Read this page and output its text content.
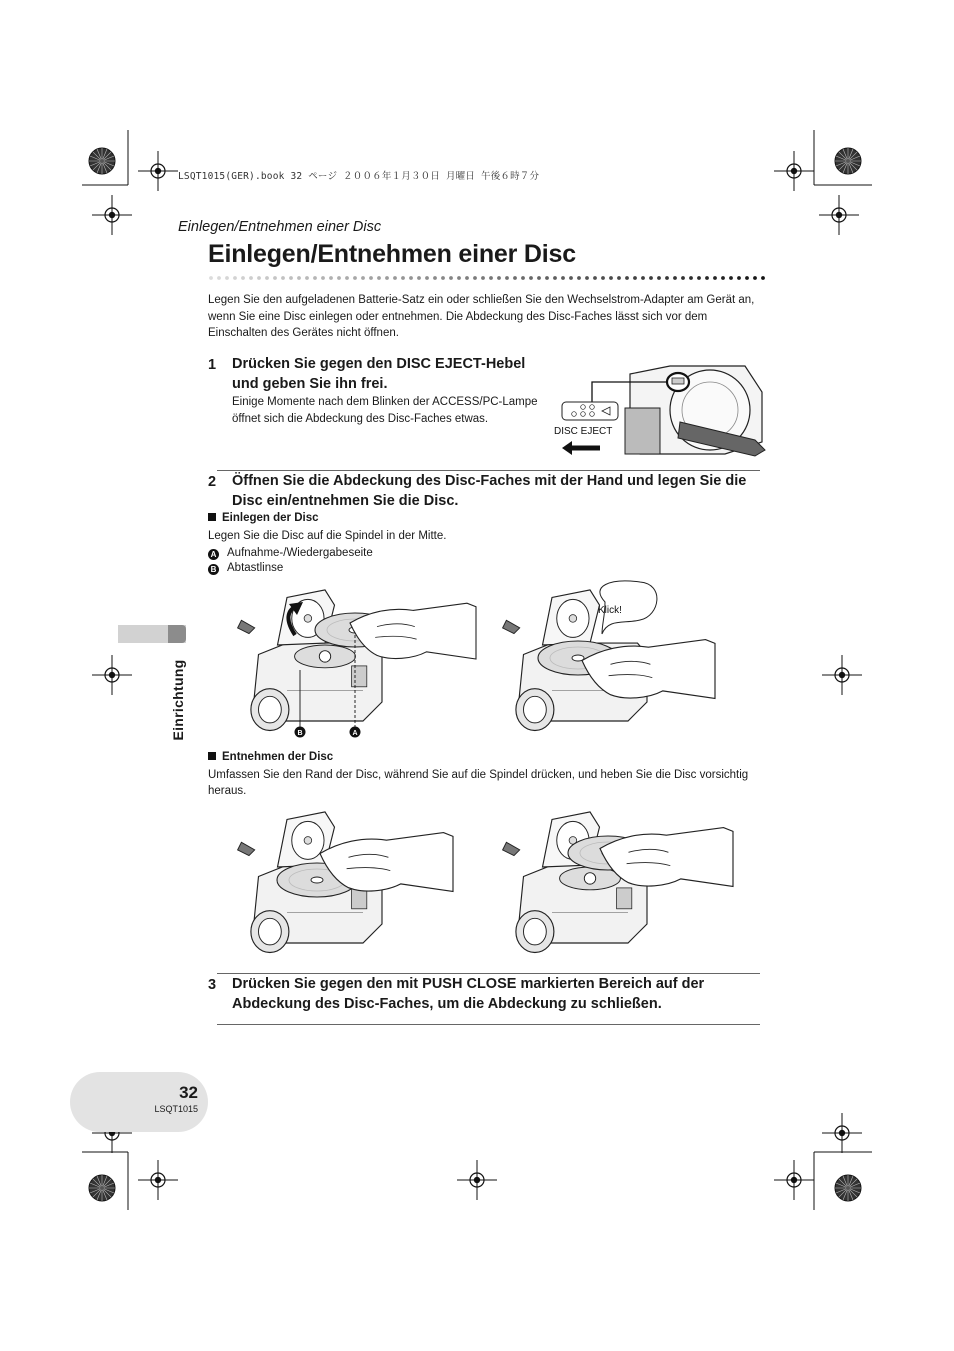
LSQT1015(GER).book 32 ページ ２００６年１月３０日 月曜日 午後６時７分
Einlegen/Entnehmen einer Disc
Einlegen/Entnehmen einer Disc
Legen Sie den aufgeladenen Batterie-Satz ein oder schließen Sie den Wechselstrom-Adapter am Gerät an, wenn Sie eine Disc einlegen oder entnehmen. Die Abdeckung des Disc-Faches lässt sich vor dem Einschalten des Gerätes nicht öffnen.
1 Drücken Sie gegen den DISC EJECT-Hebel und geben Sie ihn frei.
Einige Momente nach dem Blinken der ACCESS/PC-Lampe öffnet sich die Abdeckung des Disc-Faches etwas.
DISC EJECT
2 Öffnen Sie die Abdeckung des Disc-Faches mit der Hand und legen Sie die Disc ein/entnehmen Sie die Disc.
Einlegen der Disc
Legen Sie die Disc auf die Spindel in der Mitte.
A Aufnahme-/Wiedergabeseite
B Abtastlinse
B	A
Klick!
Entnehmen der Disc
Umfassen Sie den Rand der Disc, während Sie auf die Spindel drücken, und heben Sie die Disc vorsichtig heraus.
3 Drücken Sie gegen den mit PUSH CLOSE markierten Bereich auf der Abdeckung des Disc-Faches, um die Abdeckung zu schließen.
Einrichtung
32
LSQT1015
